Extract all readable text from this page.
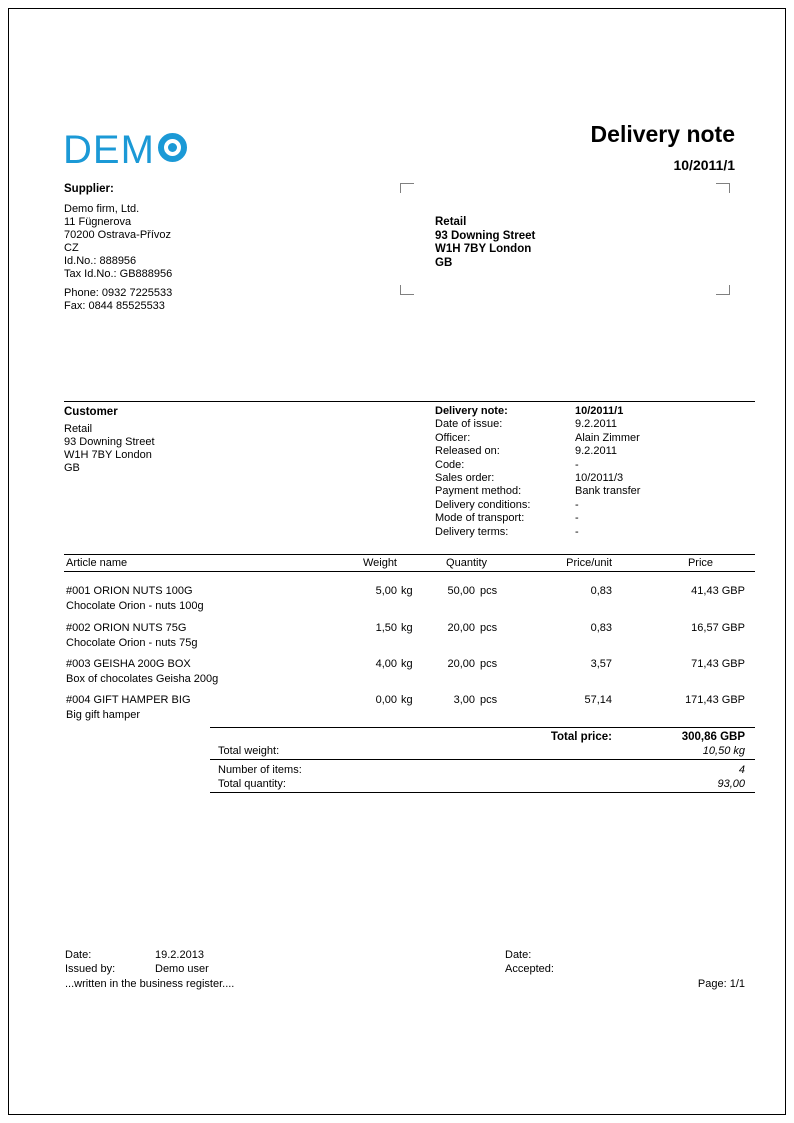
DEM	Delivery note
10/2011/1
Supplier:
Demo firm, Ltd.
11 Fügnerova
70200 Ostrava-Přívoz
CZ
Id.No.: 888956
Tax Id.No.: GB888956
Phone: 0932 7225533
Fax: 0844 85525533
Retail
93 Downing Street
W1H 7BY London
GB
Customer
Retail
93 Downing Street
W1H 7BY London
GB
Delivery note:	10/2011/1
Date of issue:	9.2.2011
Officer:	Alain Zimmer
Released on:	9.2.2011
Code:	-
Sales order:	10/2011/3
Payment method:	Bank transfer
Delivery conditions:	-
Mode of transport:	-
Delivery terms:	-
Article name	Weight	Quantity	Price/unit	Price
#001 ORION NUTS 100G
Chocolate Orion - nuts 100g
5,00 kg	50,00 pcs	0,83	41,43 GBP
#002 ORION NUTS 75G
Chocolate Orion - nuts 75g
1,50 kg	20,00 pcs	0,83	16,57 GBP
#003 GEISHA 200G BOX
Box of chocolates Geisha 200g
4,00 kg	20,00 pcs	3,57	71,43 GBP
#004 GIFT HAMPER BIG
Big gift hamper
0,00 kg	3,00 pcs	57,14	171,43 GBP
Total price:	300,86 GBP
Total weight:	10,50 kg
Number of items:	4
Total quantity:	93,00
Date:	19.2.2013
Issued by:	Demo user
...written in the business register....
Date:
Accepted:
Page: 1/1
